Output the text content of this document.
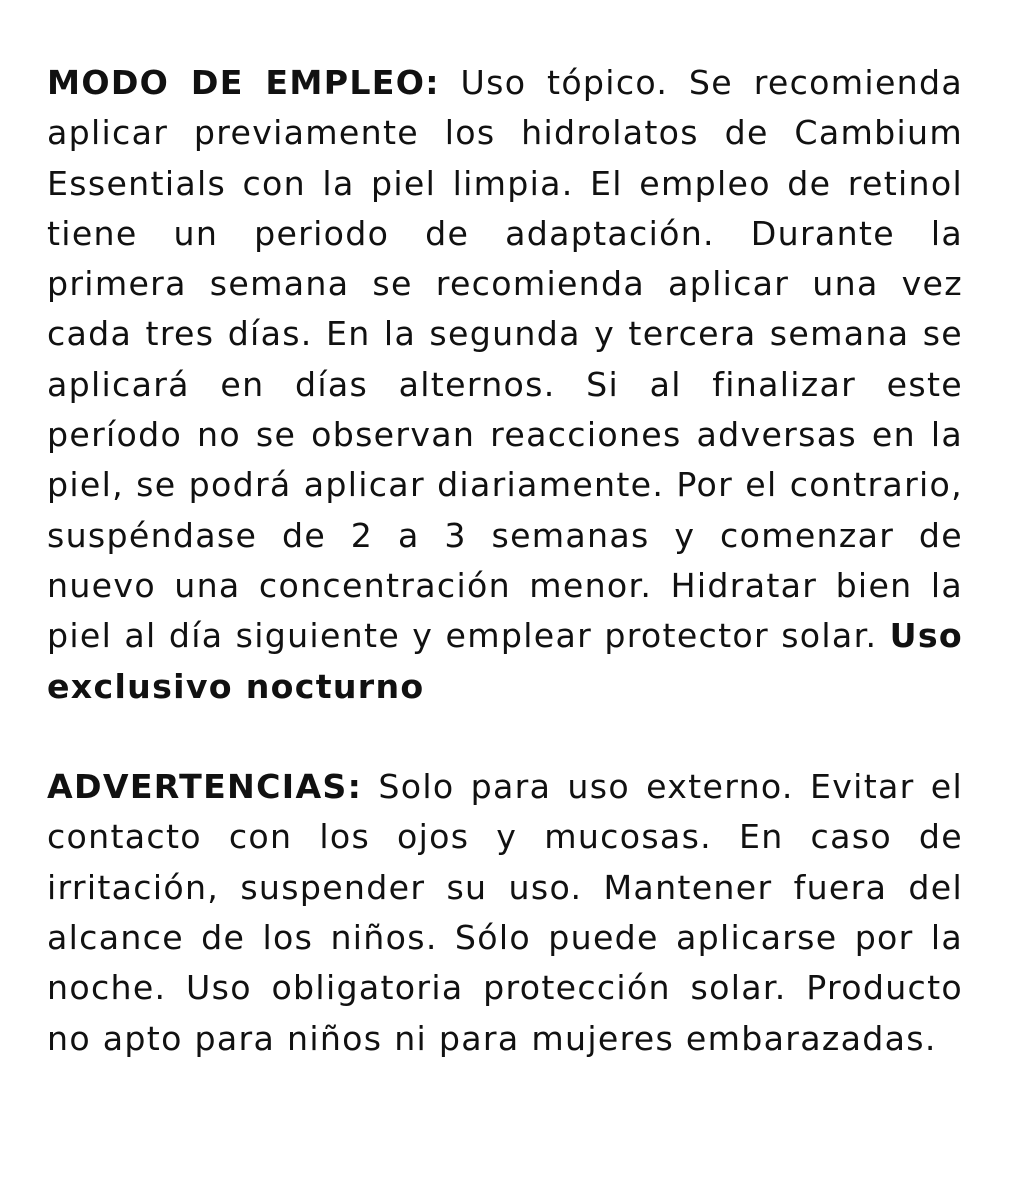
MODO DE EMPLEO: Uso tópico. Se recomienda aplicar previamente los hidrolatos de Cambium Essentials con la piel limpia. El empleo de retinol tiene un periodo de adaptación. Durante la primera semana se recomienda aplicar una vez cada tres días. En la segunda y tercera semana se aplicará en días alternos. Si al finalizar este período no se observan reacciones adversas en la piel, se podrá aplicar diariamente. Por el contrario, suspéndase de 2 a 3 semanas y comenzar de nuevo una concentración menor. Hidratar bien la piel al día siguiente y emplear protector solar. Uso exclusivo nocturno

ADVERTENCIAS: Solo para uso externo. Evitar el contacto con los ojos y mucosas. En caso de irritación, suspender su uso. Mantener fuera del alcance de los niños. Sólo puede aplicarse por la noche. Uso obligatoria protección solar. Producto no apto para niños ni para mujeres embarazadas.
